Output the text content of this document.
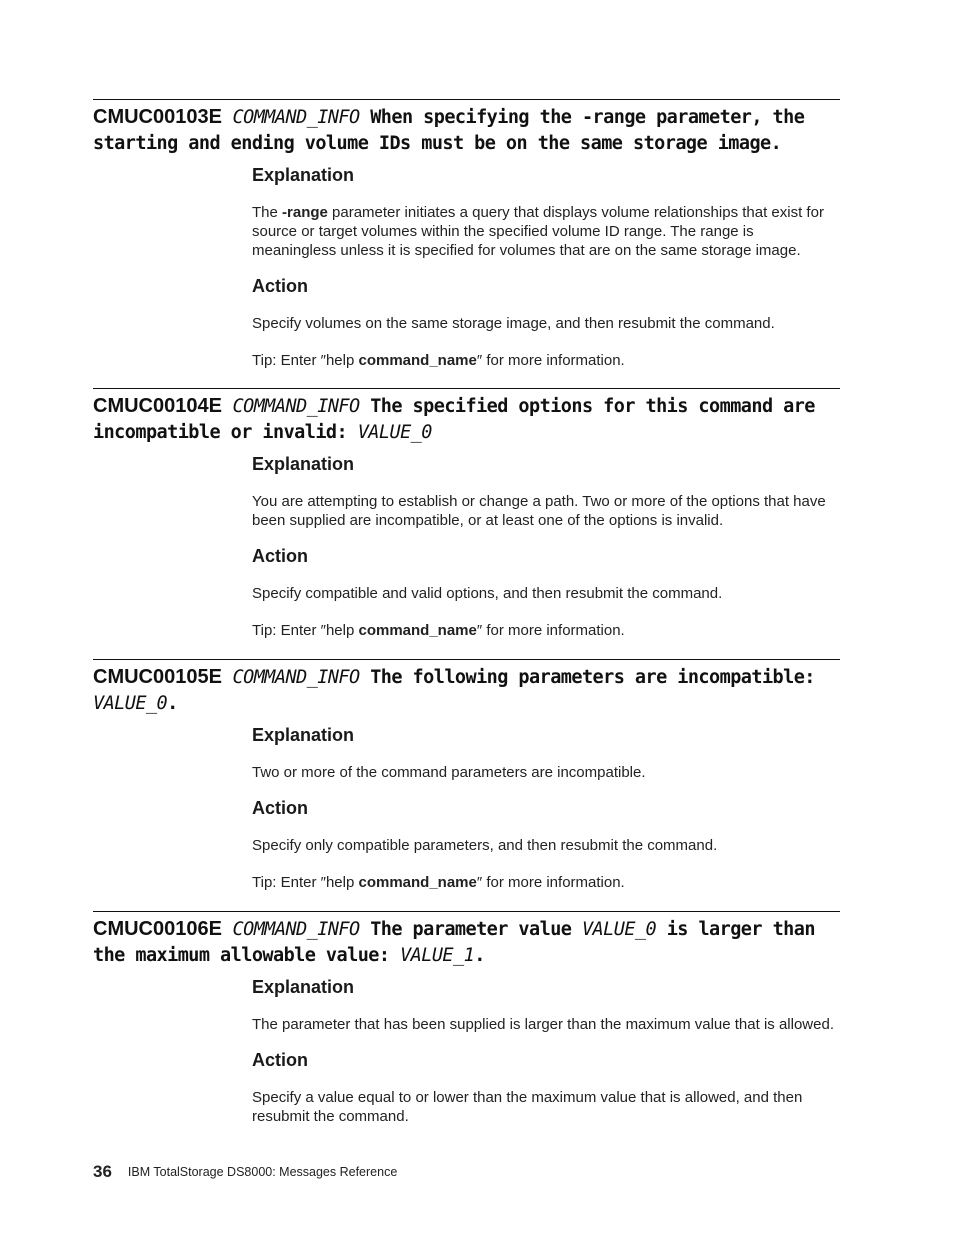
CMUC00103E COMMAND_INFO When specifying the -range parameter, the
starting and ending volume IDs must be on the same storage image.
Explanation

The -range parameter initiates a query that displays volume relationships that exist for source or target volumes within the specified volume ID range. The range is meaningless unless it is specified for volumes that are on the same storage image.

Action

Specify volumes on the same storage image, and then resubmit the command.

Tip: Enter ″help command_name″ for more information.

CMUC00104E COMMAND_INFO The specified options for this command are
incompatible or invalid: VALUE_0
Explanation

You are attempting to establish or change a path. Two or more of the options that have been supplied are incompatible, or at least one of the options is invalid.

Action

Specify compatible and valid options, and then resubmit the command.

Tip: Enter ″help command_name″ for more information.

CMUC00105E COMMAND_INFO The following parameters are incompatible:
VALUE_0.
Explanation

Two or more of the command parameters are incompatible.

Action

Specify only compatible parameters, and then resubmit the command.

Tip: Enter ″help command_name″ for more information.

CMUC00106E COMMAND_INFO The parameter value VALUE_0 is larger than
the maximum allowable value: VALUE_1.
Explanation

The parameter that has been supplied is larger than the maximum value that is allowed.

Action

Specify a value equal to or lower than the maximum value that is allowed, and then resubmit the command.

36 IBM TotalStorage DS8000: Messages Reference
